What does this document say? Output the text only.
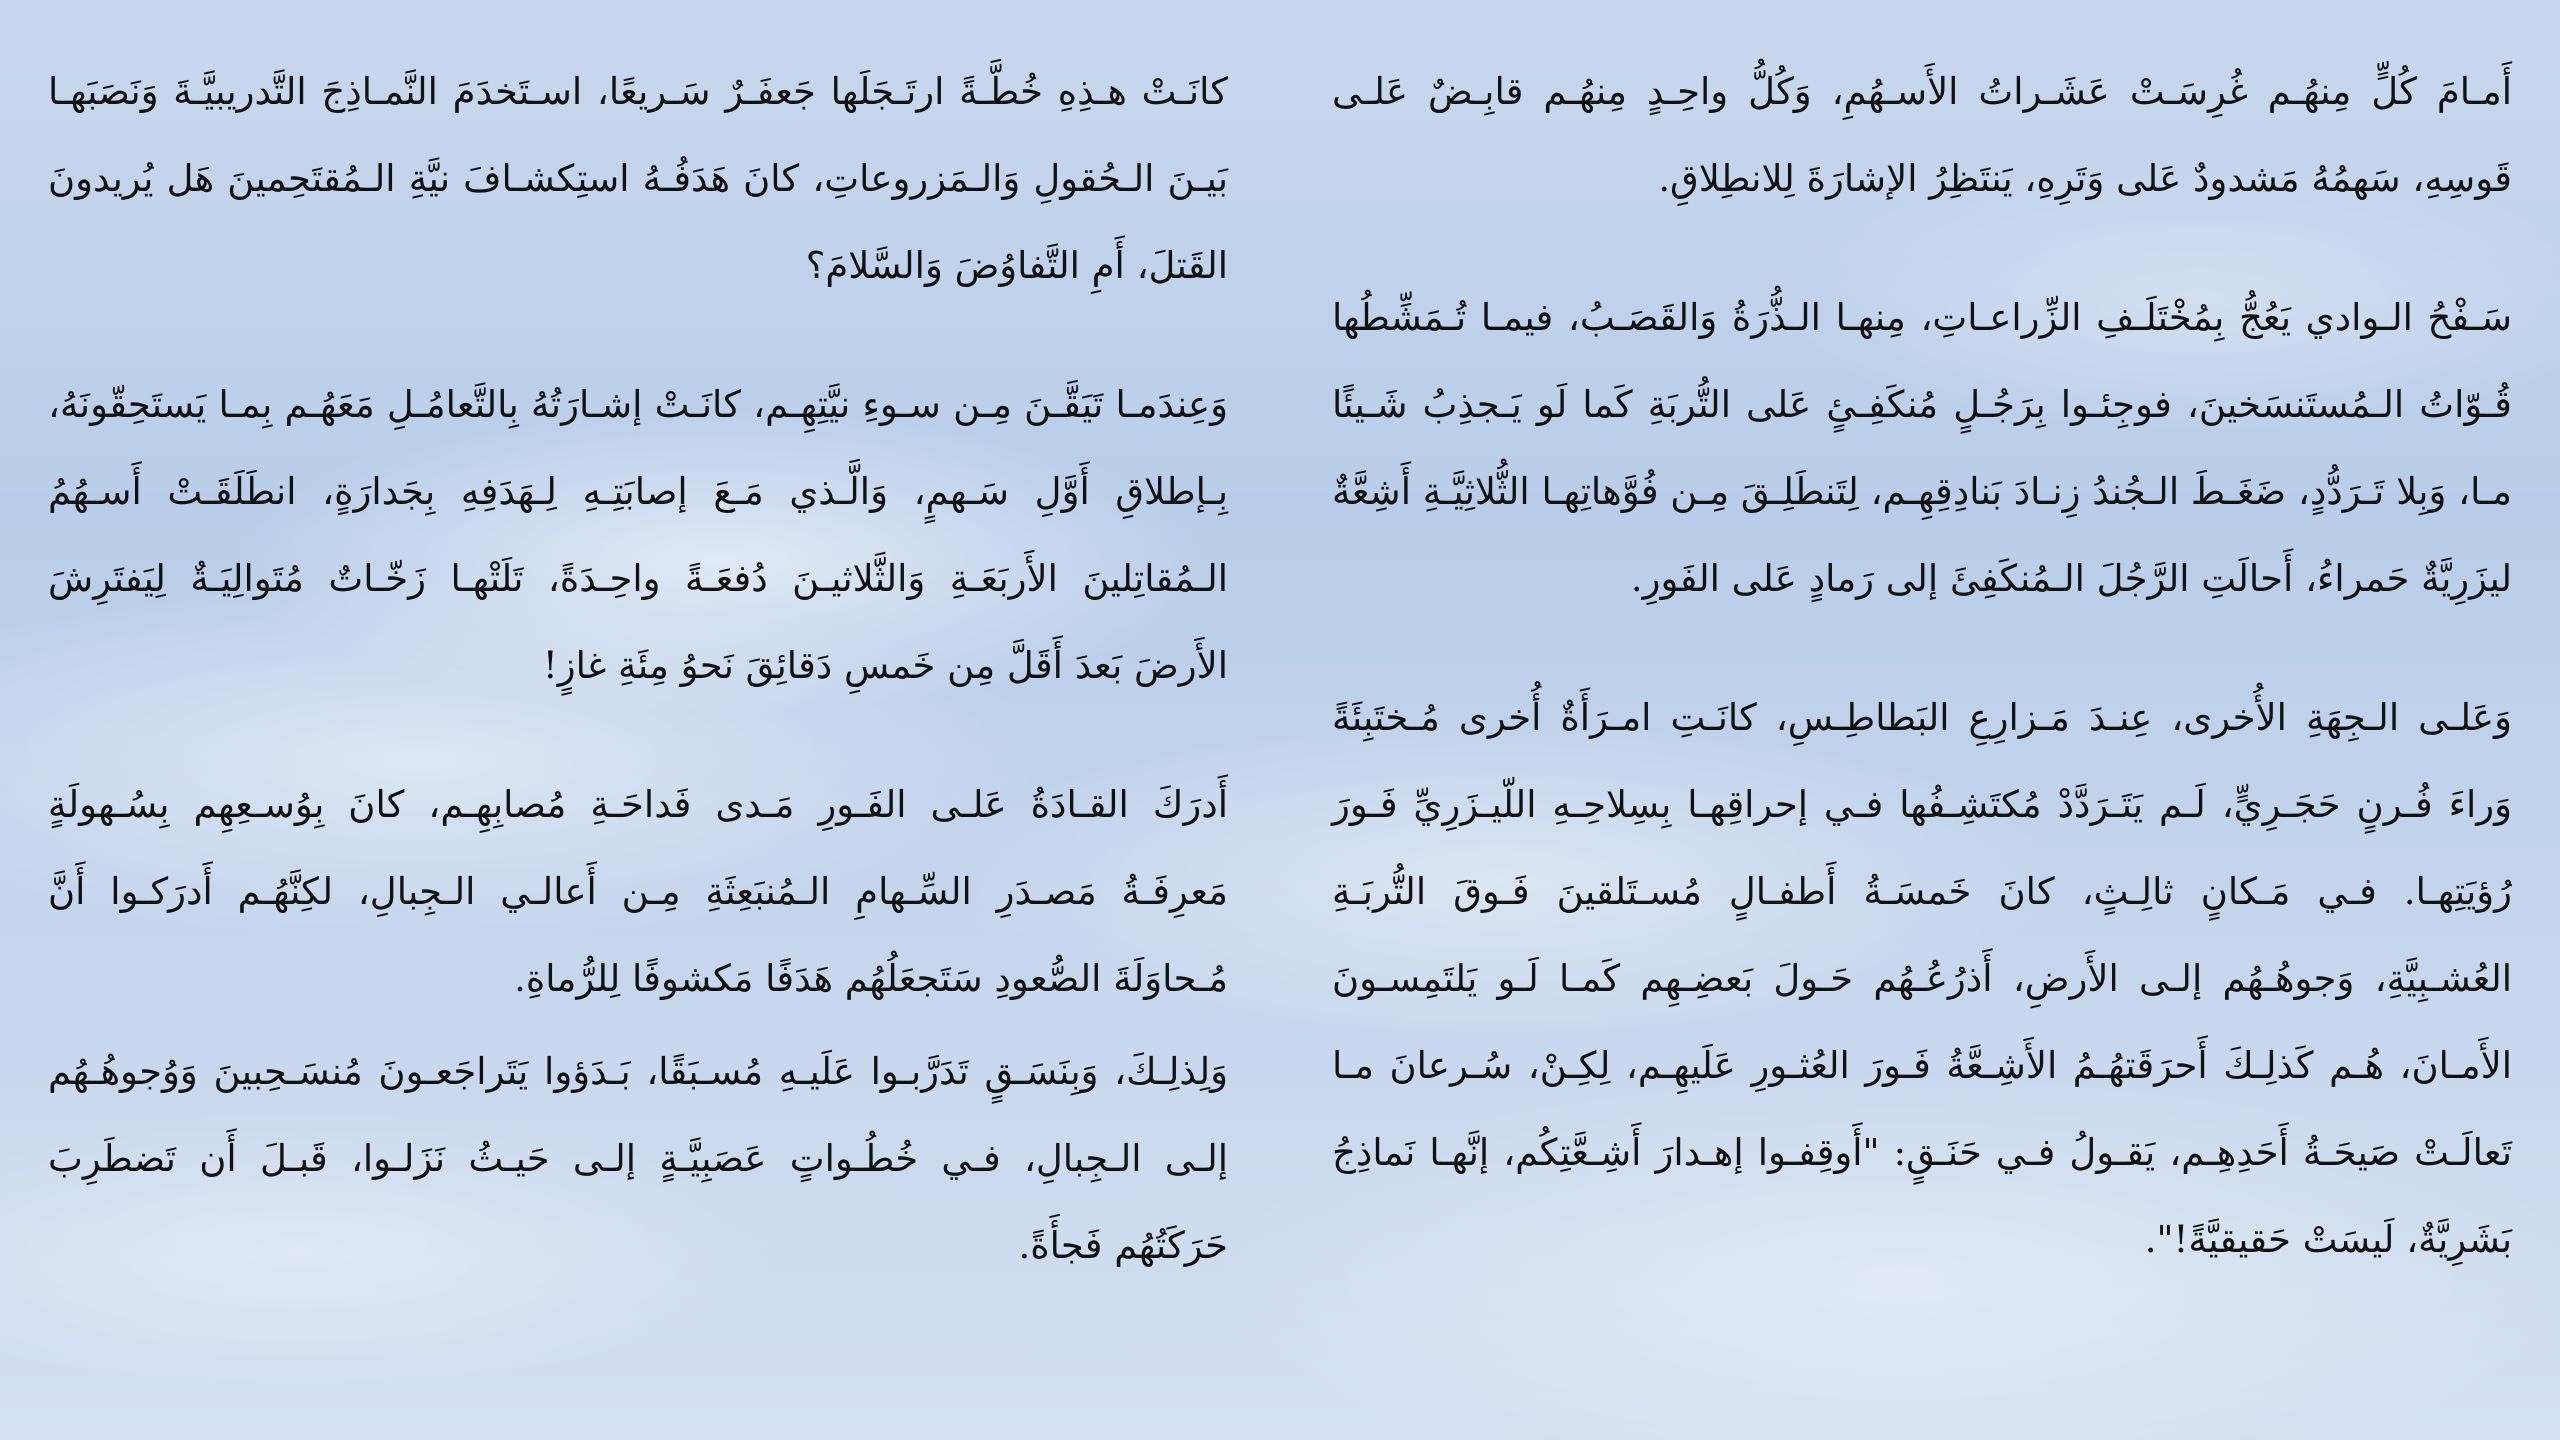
أَمـامَ كُلٍّ مِنهُـم غُرِسَـتْ عَشَـراتُ الأَسـهُمِ، وَكُلُّ واحِـدٍ مِنهُـم قابِـضٌ عَلـى قَوسِهِ، سَهمُهُ مَشدودٌ عَلى وَتَرِهِ، يَنتَظِرُ الإشارَةَ لِلانطِلاقِ.

سَـفْحُ الـوادي يَعُجُّ بِمُخْتَلَـفِ الزِّراعـاتِ، مِنهـا الـذُّرَةُ وَالقَصَـبُ، فيمـا تُـمَشِّطُها قُـوّاتُ الـمُستَنسَخينَ، فوجِئـوا بِرَجُـلٍ مُنكَفِـئٍ عَلى التُّربَةِ كَما لَو يَـجذِبُ شَـيئًا مـا، وَبِلا تَـرَدُّدٍ، ضَغَـطَ الـجُندُ زِنـادَ بَنادِقِهِـم، لِتَنطَلِـقَ مِـن فُوَّهاتِهـا الثُّلاثِيَّـةِ أَشِعَّةٌ ليزَرِيَّةٌ حَمراءُ، أَحالَتِ الرَّجُلَ الـمُنكَفِئَ إلى رَمادٍ عَلى الفَورِ.

وَعَلـى الـجِهَةِ الأُخرى، عِنـدَ مَـزارِعِ البَطاطِـسِ، كانَـتِ امـرَأَةٌ أُخرى مُـختَبِئَةً وَراءَ فُـرنٍ حَجَـرِيٍّ، لَـم يَتَـرَدَّدْ مُكتَشِـفُها فـي إحراقِهـا بِسِلاحِـهِ اللّيـزَرِيِّ فَـورَ رُؤيَتِهـا. فـي مَـكانٍ ثالِـثٍ، كانَ خَمسَـةُ أَطفـالٍ مُسـتَلقينَ فَـوقَ التُّربَـةِ العُشـبِيَّةِ، وَجوهُـهُم إلـى الأَرضِ، أَذرُعُـهُم حَـولَ بَعضِـهِم كَمـا لَـو يَلتَمِسـونَ الأَمـانَ، هُـم كَذلِـكَ أَحرَقَتهُـمُ الأَشِـعَّةُ فَـورَ العُثـورِ عَلَيهِـم، لِكِـنْ، سُـرعانَ مـا تَعالَـتْ صَيحَـةُ أَحَدِهِـم، يَقـولُ فـي حَنَـقٍ: "أَوقِفـوا إهـدارَ أَشِـعَّتِكُم، إنَّهـا نَماذِجُ بَشَرِيَّةٌ، لَيسَتْ حَقيقيَّةً!".

كانَـتْ هـذِهِ خُطَّـةً ارتَـجَلَها جَعفَـرٌ سَـريعًا، اسـتَخدَمَ النَّمـاذِجَ التَّدريبيَّـةَ وَنَصَبَهـا بَيـنَ الـحُقولِ وَالـمَزروعاتِ، كانَ هَدَفُـهُ استِكشـافَ نيَّةِ الـمُقتَحِمينَ هَل يُريدونَ القَتلَ، أَمِ التَّفاوُضَ وَالسَّلامَ؟

وَعِندَمـا تَيَقَّـنَ مِـن سـوءِ نيَّتِهِـم، كانَـتْ إشـارَتُهُ بِالتَّعامُـلِ مَعَهُـم بِمـا يَستَحِقّونَهُ، بِـإطلاقِ أَوَّلِ سَـهمٍ، وَالَّـذي مَـعَ إصابَتِـهِ لِـهَدَفِهِ بِجَدارَةٍ، انطَلَقَـتْ أَسـهُمُ الـمُقاتِلينَ الأَربَعَـةِ وَالثَّلاثيـنَ دُفعَـةً واحِـدَةً، تَلَتْهـا زَخّـاتٌ مُتَوالِيَـةٌ لِيَفتَرِشَ الأَرضَ بَعدَ أَقَلَّ مِن خَمسِ دَقائِقَ نَحوُ مِئَةِ غازٍ!

أَدرَكَ القـادَةُ عَلـى الفَـورِ مَـدى فَداحَـةِ مُصابِهِـم، كانَ بِوُسـعِهِم بِسُـهولَةٍ مَعرِفَـةُ مَصـدَرِ السِّـهامِ الـمُنبَعِثَةِ مِـن أَعالـي الـجِبالِ، لكِنَّهُـم أَدرَكـوا أَنَّ مُـحاوَلَةَ الصُّعودِ سَتَجعَلُهُم هَدَفًا مَكشوفًا لِلرُّماةِ.

وَلِذلِـكَ، وَبِنَسَـقٍ تَدَرَّبـوا عَلَيـهِ مُسـبَقًا، بَـدَؤوا يَتَراجَعـونَ مُنسَـحِبينَ وَوُجوهُـهُم إلـى الـجِبالِ، فـي خُطُـواتٍ عَصَبِيَّـةٍ إلـى حَيـثُ نَزَلـوا، قَبـلَ أَن تَضطَرِبَ حَرَكَتُهُم فَجأَةً.
